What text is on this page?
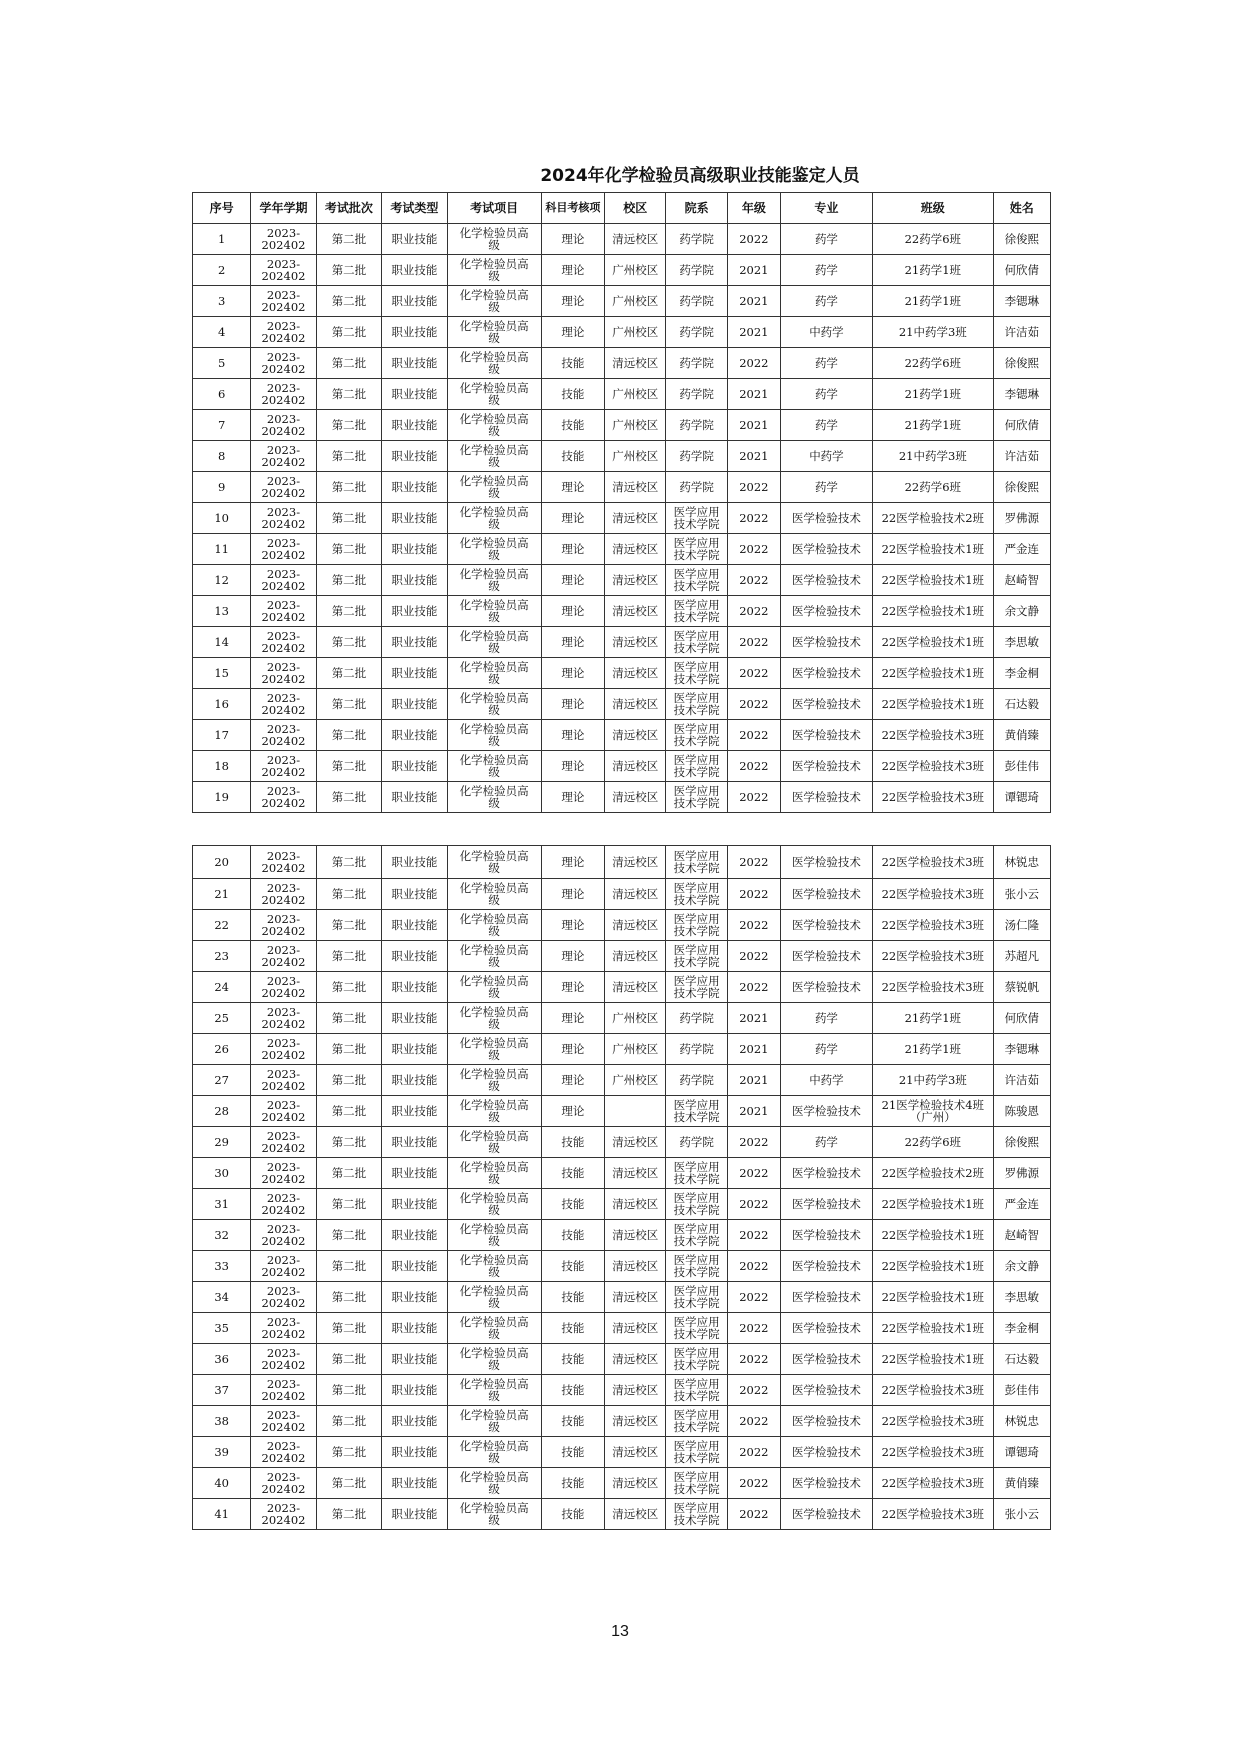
2024年化学检验员高级职业技能鉴定人员
序号	学年学期	考试批次	考试类型	考试项目	科目考核项	校区	院系	年级	专业	班级	姓名
1	2023-
202402	第二批	职业技能	化学检验员高
级	理论	清远校区	药学院	2022	药学	22药学6班	徐俊熙
2	2023-
202402	第二批	职业技能	化学检验员高
级	理论	广州校区	药学院	2021	药学	21药学1班	何欣倩
3	2023-
202402	第二批	职业技能	化学检验员高
级	理论	广州校区	药学院	2021	药学	21药学1班	李锶琳
4	2023-
202402	第二批	职业技能	化学检验员高
级	理论	广州校区	药学院	2021	中药学	21中药学3班	许洁茹
5	2023-
202402	第二批	职业技能	化学检验员高
级	技能	清远校区	药学院	2022	药学	22药学6班	徐俊熙
6	2023-
202402	第二批	职业技能	化学检验员高
级	技能	广州校区	药学院	2021	药学	21药学1班	李锶琳
7	2023-
202402	第二批	职业技能	化学检验员高
级	技能	广州校区	药学院	2021	药学	21药学1班	何欣倩
8	2023-
202402	第二批	职业技能	化学检验员高
级	技能	广州校区	药学院	2021	中药学	21中药学3班	许洁茹
9	2023-
202402	第二批	职业技能	化学检验员高
级	理论	清远校区	药学院	2022	药学	22药学6班	徐俊熙
10	2023-
202402	第二批	职业技能	化学检验员高
级	理论	清远校区	医学应用
技术学院	2022	医学检验技术	22医学检验技术2班	罗佛源
11	2023-
202402	第二批	职业技能	化学检验员高
级	理论	清远校区	医学应用
技术学院	2022	医学检验技术	22医学检验技术1班	严金连
12	2023-
202402	第二批	职业技能	化学检验员高
级	理论	清远校区	医学应用
技术学院	2022	医学检验技术	22医学检验技术1班	赵崎智
13	2023-
202402	第二批	职业技能	化学检验员高
级	理论	清远校区	医学应用
技术学院	2022	医学检验技术	22医学检验技术1班	余文静
14	2023-
202402	第二批	职业技能	化学检验员高
级	理论	清远校区	医学应用
技术学院	2022	医学检验技术	22医学检验技术1班	李思敏
15	2023-
202402	第二批	职业技能	化学检验员高
级	理论	清远校区	医学应用
技术学院	2022	医学检验技术	22医学检验技术1班	李金桐
16	2023-
202402	第二批	职业技能	化学检验员高
级	理论	清远校区	医学应用
技术学院	2022	医学检验技术	22医学检验技术1班	石达毅
17	2023-
202402	第二批	职业技能	化学检验员高
级	理论	清远校区	医学应用
技术学院	2022	医学检验技术	22医学检验技术3班	黄俏臻
18	2023-
202402	第二批	职业技能	化学检验员高
级	理论	清远校区	医学应用
技术学院	2022	医学检验技术	22医学检验技术3班	彭佳伟
19	2023-
202402	第二批	职业技能	化学检验员高
级	理论	清远校区	医学应用
技术学院	2022	医学检验技术	22医学检验技术3班	谭锶琦
20	2023-
202402	第二批	职业技能	化学检验员高
级	理论	清远校区	医学应用
技术学院	2022	医学检验技术	22医学检验技术3班	林锐忠
21	2023-
202402	第二批	职业技能	化学检验员高
级	理论	清远校区	医学应用
技术学院	2022	医学检验技术	22医学检验技术3班	张小云
22	2023-
202402	第二批	职业技能	化学检验员高
级	理论	清远校区	医学应用
技术学院	2022	医学检验技术	22医学检验技术3班	汤仁隆
23	2023-
202402	第二批	职业技能	化学检验员高
级	理论	清远校区	医学应用
技术学院	2022	医学检验技术	22医学检验技术3班	苏超凡
24	2023-
202402	第二批	职业技能	化学检验员高
级	理论	清远校区	医学应用
技术学院	2022	医学检验技术	22医学检验技术3班	蔡锐帆
25	2023-
202402	第二批	职业技能	化学检验员高
级	理论	广州校区	药学院	2021	药学	21药学1班	何欣倩
26	2023-
202402	第二批	职业技能	化学检验员高
级	理论	广州校区	药学院	2021	药学	21药学1班	李锶琳
27	2023-
202402	第二批	职业技能	化学检验员高
级	理论	广州校区	药学院	2021	中药学	21中药学3班	许洁茹
28	2023-
202402	第二批	职业技能	化学检验员高
级	理论		医学应用
技术学院	2021	医学检验技术	21医学检验技术4班
（广州）	陈骏恩
29	2023-
202402	第二批	职业技能	化学检验员高
级	技能	清远校区	药学院	2022	药学	22药学6班	徐俊熙
30	2023-
202402	第二批	职业技能	化学检验员高
级	技能	清远校区	医学应用
技术学院	2022	医学检验技术	22医学检验技术2班	罗佛源
31	2023-
202402	第二批	职业技能	化学检验员高
级	技能	清远校区	医学应用
技术学院	2022	医学检验技术	22医学检验技术1班	严金连
32	2023-
202402	第二批	职业技能	化学检验员高
级	技能	清远校区	医学应用
技术学院	2022	医学检验技术	22医学检验技术1班	赵崎智
33	2023-
202402	第二批	职业技能	化学检验员高
级	技能	清远校区	医学应用
技术学院	2022	医学检验技术	22医学检验技术1班	余文静
34	2023-
202402	第二批	职业技能	化学检验员高
级	技能	清远校区	医学应用
技术学院	2022	医学检验技术	22医学检验技术1班	李思敏
35	2023-
202402	第二批	职业技能	化学检验员高
级	技能	清远校区	医学应用
技术学院	2022	医学检验技术	22医学检验技术1班	李金桐
36	2023-
202402	第二批	职业技能	化学检验员高
级	技能	清远校区	医学应用
技术学院	2022	医学检验技术	22医学检验技术1班	石达毅
37	2023-
202402	第二批	职业技能	化学检验员高
级	技能	清远校区	医学应用
技术学院	2022	医学检验技术	22医学检验技术3班	彭佳伟
38	2023-
202402	第二批	职业技能	化学检验员高
级	技能	清远校区	医学应用
技术学院	2022	医学检验技术	22医学检验技术3班	林锐忠
39	2023-
202402	第二批	职业技能	化学检验员高
级	技能	清远校区	医学应用
技术学院	2022	医学检验技术	22医学检验技术3班	谭锶琦
40	2023-
202402	第二批	职业技能	化学检验员高
级	技能	清远校区	医学应用
技术学院	2022	医学检验技术	22医学检验技术3班	黄俏臻
41	2023-
202402	第二批	职业技能	化学检验员高
级	技能	清远校区	医学应用
技术学院	2022	医学检验技术	22医学检验技术3班	张小云
13
